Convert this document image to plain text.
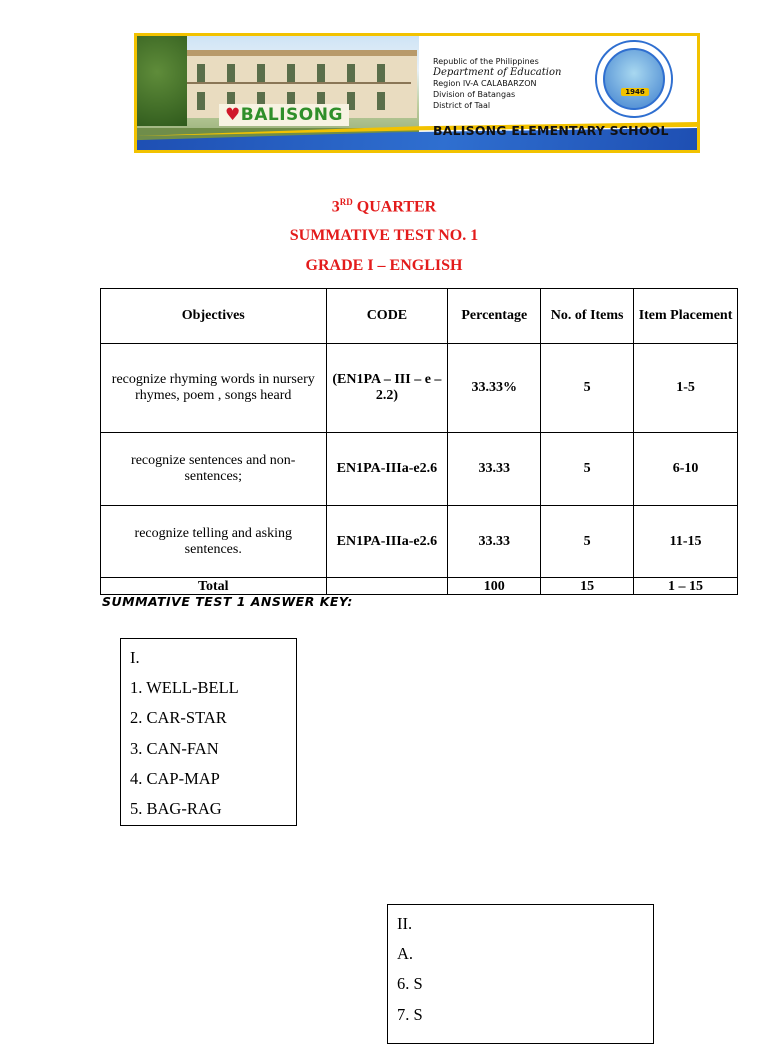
♥BALISONG
Republic of the Philippines
Department of Education
Region IV-A CALABARZON
Division of Batangas
District of Taal
BALISONG ELEMENTARY SCHOOL
1946
3RD QUARTER
SUMMATIVE TEST NO. 1
GRADE I – ENGLISH
Objectives	CODE	Percentage	No. of Items	Item Placement
recognize rhyming words in nursery rhymes, poem , songs heard	(EN1PA – III – e – 2.2)	33.33%	5	1-5
recognize sentences and non-sentences;	EN1PA-IIIa-e2.6	33.33	5	6-10
recognize telling and asking sentences.	EN1PA-IIIa-e2.6	33.33	5	11-15
Total		100	15	1 – 15
SUMMATIVE TEST 1 ANSWER KEY:
I.
1. WELL-BELL
2. CAR-STAR
3. CAN-FAN
4. CAP-MAP
5. BAG-RAG
II.
A.
6. S
7. S
